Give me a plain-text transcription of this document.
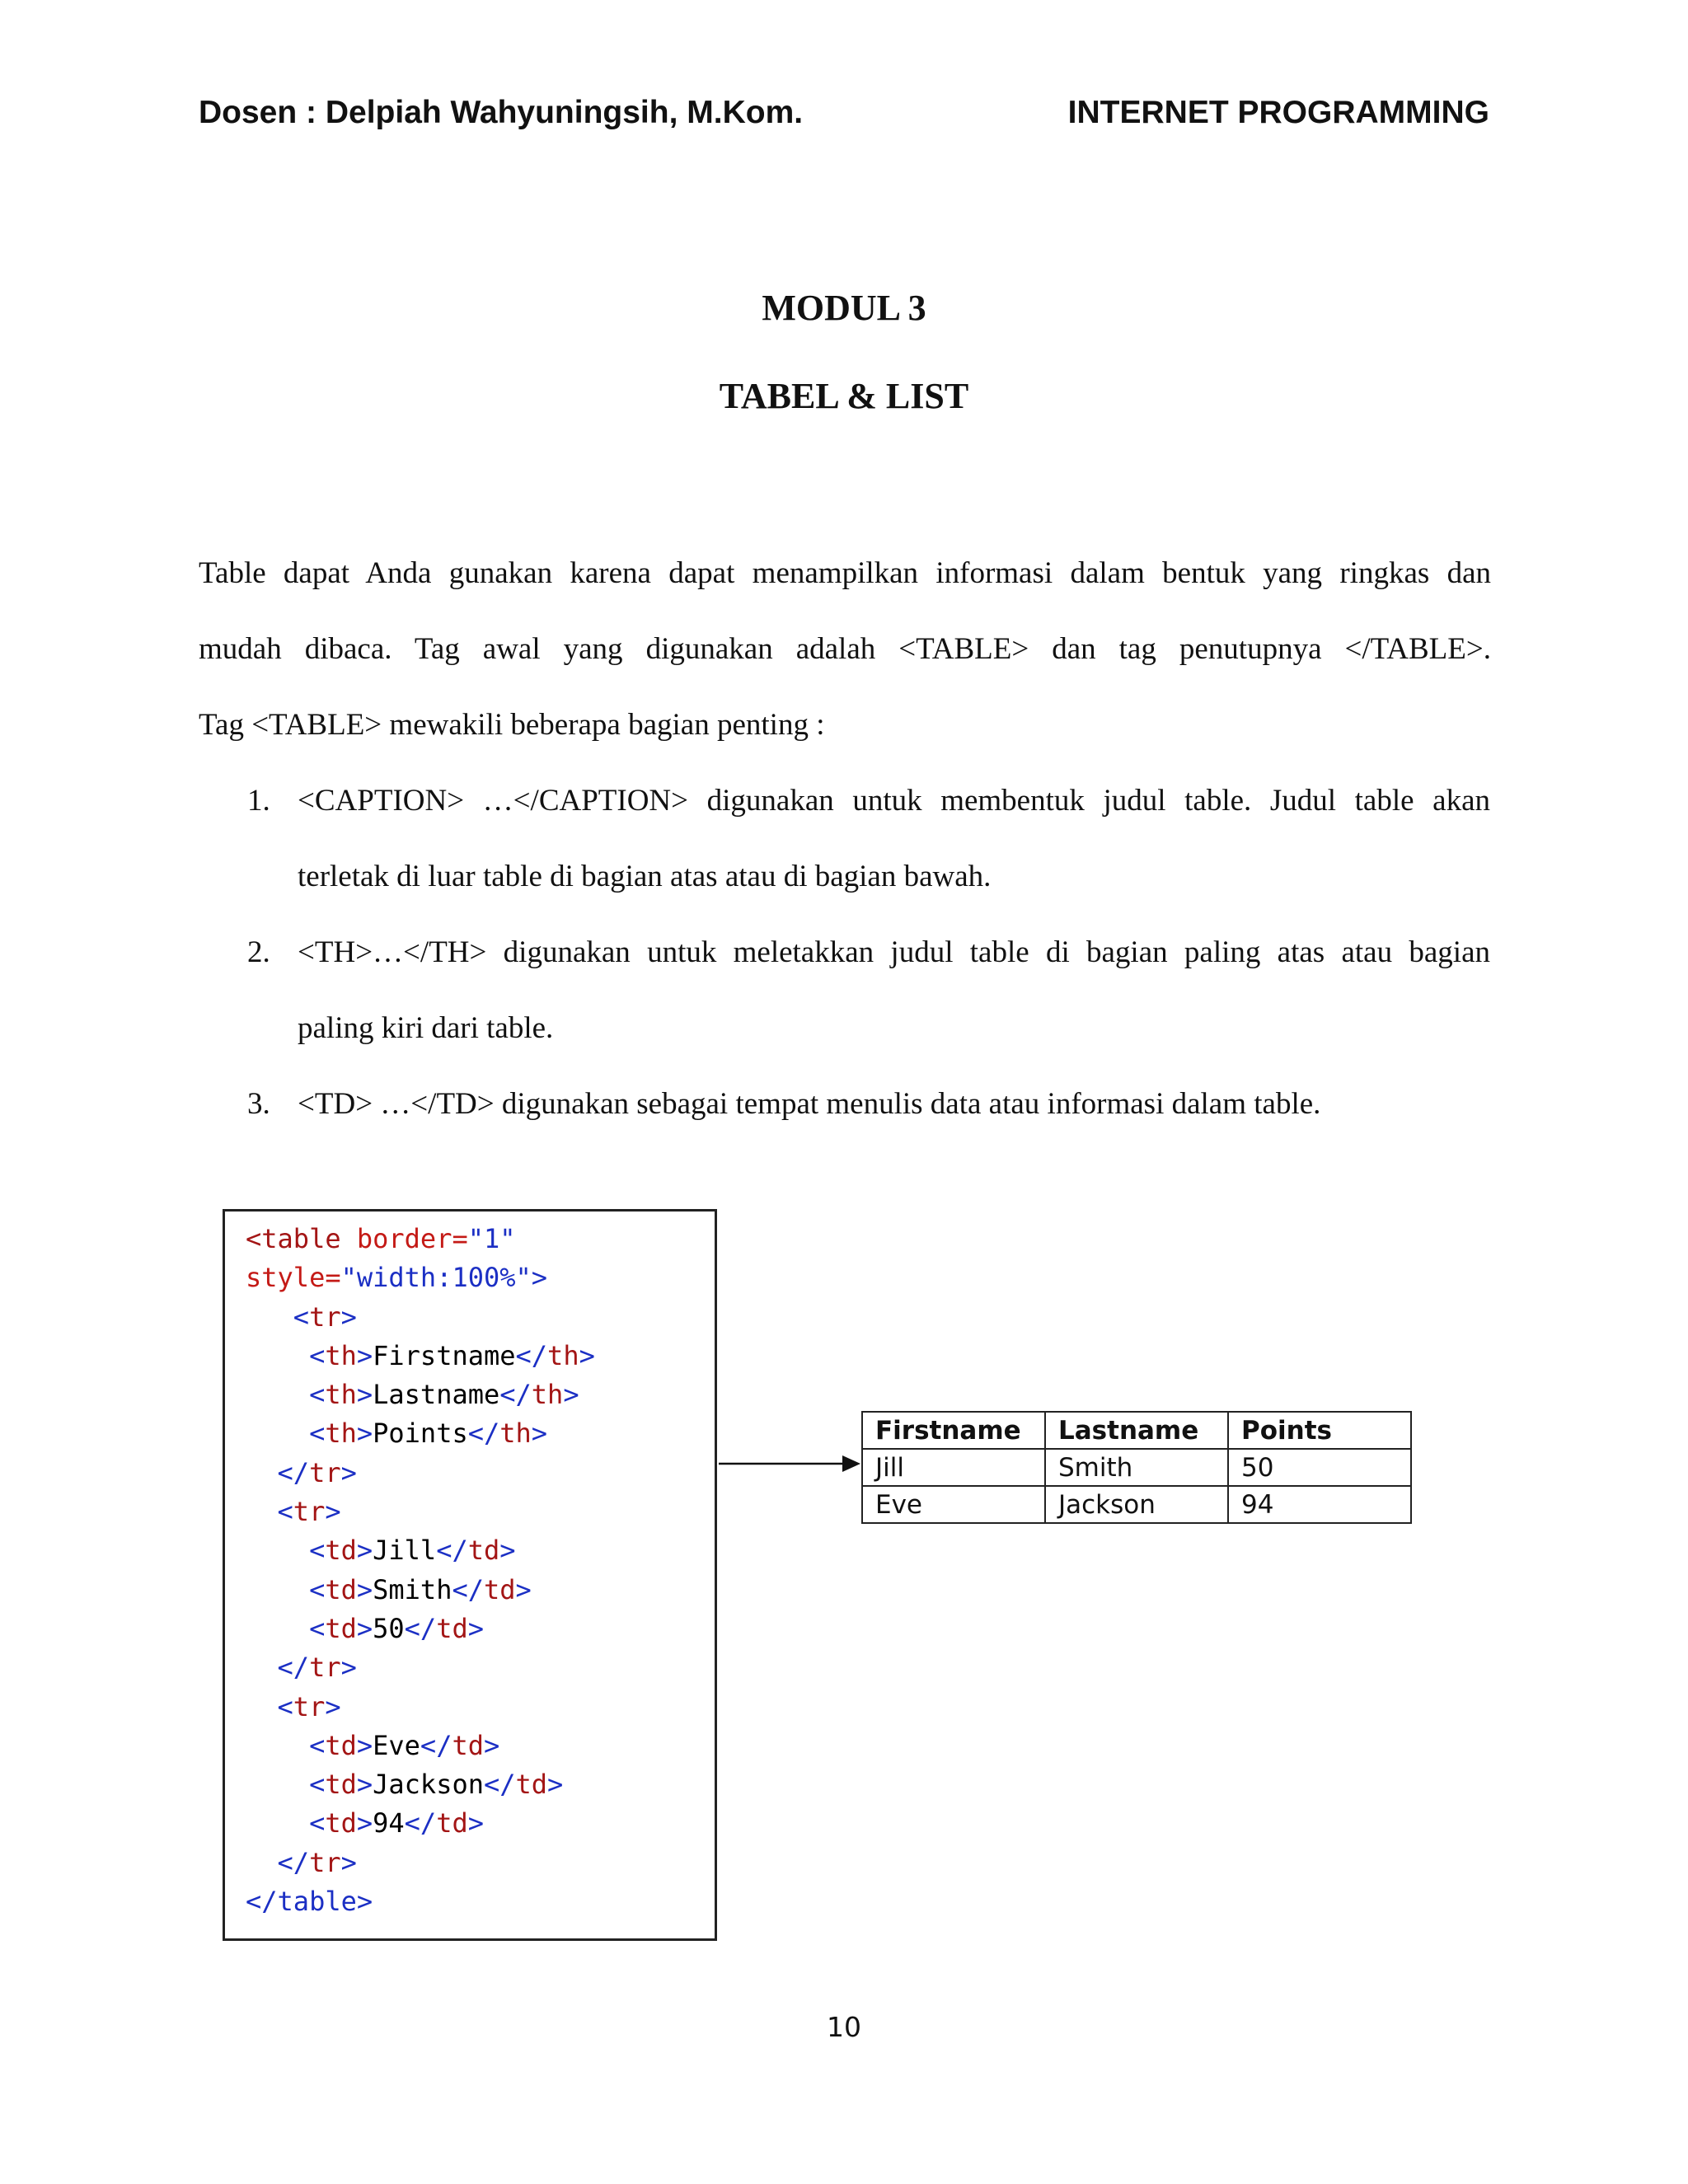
Dosen : Delpiah Wahyuningsih, M.Kom.	INTERNET PROGRAMMING
MODUL 3
TABEL & LIST
Table dapat Anda gunakan karena dapat menampilkan informasi dalam bentuk yang ringkas dan
mudah dibaca. Tag awal yang digunakan adalah <TABLE> dan tag penutupnya </TABLE>.
Tag <TABLE> mewakili beberapa bagian penting :
1. <CAPTION> …</CAPTION> digunakan untuk membentuk judul table. Judul table akan
terletak di luar table di bagian atas atau di bagian bawah.
2. <TH>…</TH> digunakan untuk meletakkan judul table di bagian paling atas atau bagian
paling kiri dari table.
3. <TD> …</TD> digunakan sebagai tempat menulis data atau informasi dalam table.
<table border="1"
style="width:100%">
<tr>
<th>Firstname</th>
<th>Lastname</th>
<th>Points</th>
</tr>
<tr>
<td>Jill</td>
<td>Smith</td>
<td>50</td>
</tr>
<tr>
<td>Eve</td>
<td>Jackson</td>
<td>94</td>
</tr>
</table>
Firstname	Lastname	Points
Jill	Smith	50
Eve	Jackson	94
10
